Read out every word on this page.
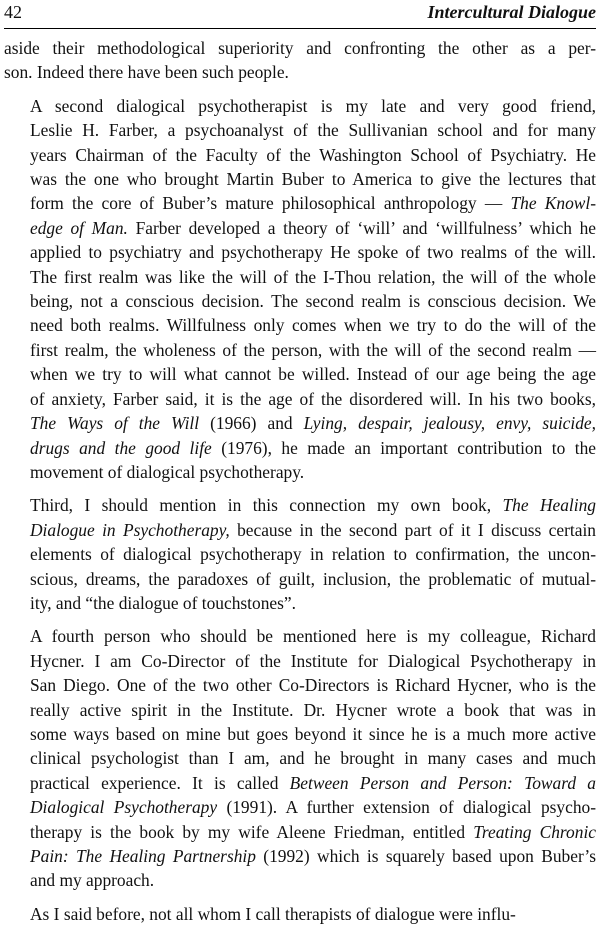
42	Intercultural Dialogue

aside their methodological superiority and confronting the other as a per-
son. Indeed there have been such people.

A second dialogical psychotherapist is my late and very good friend,
Leslie H. Farber, a psychoanalyst of the Sullivanian school and for many
years Chairman of the Faculty of the Washington School of Psychiatry. He
was the one who brought Martin Buber to America to give the lectures that
form the core of Buber’s mature philosophical anthropology — The Knowl-
edge of Man. Farber developed a theory of ‘will’ and ‘willfulness’ which he
applied to psychiatry and psychotherapy He spoke of two realms of the will.
The first realm was like the will of the I-Thou relation, the will of the whole
being, not a conscious decision. The second realm is conscious decision. We
need both realms. Willfulness only comes when we try to do the will of the
first realm, the wholeness of the person, with the will of the second realm —
when we try to will what cannot be willed. Instead of our age being the age
of anxiety, Farber said, it is the age of the disordered will. In his two books,
The Ways of the Will (1966) and Lying, despair, jealousy, envy, suicide,
drugs and the good life (1976), he made an important contribution to the
movement of dialogical psychotherapy.

Third, I should mention in this connection my own book, The Healing
Dialogue in Psychotherapy, because in the second part of it I discuss certain
elements of dialogical psychotherapy in relation to confirmation, the uncon-
scious, dreams, the paradoxes of guilt, inclusion, the problematic of mutual-
ity, and “the dialogue of touchstones”.

A fourth person who should be mentioned here is my colleague, Richard
Hycner. I am Co-Director of the Institute for Dialogical Psychotherapy in
San Diego. One of the two other Co-Directors is Richard Hycner, who is the
really active spirit in the Institute. Dr. Hycner wrote a book that was in
some ways based on mine but goes beyond it since he is a much more active
clinical psychologist than I am, and he brought in many cases and much
practical experience. It is called Between Person and Person: Toward a
Dialogical Psychotherapy (1991). A further extension of dialogical psycho-
therapy is the book by my wife Aleene Friedman, entitled Treating Chronic
Pain: The Healing Partnership (1992) which is squarely based upon Buber’s
and my approach.

As I said before, not all whom I call therapists of dialogue were influ-
